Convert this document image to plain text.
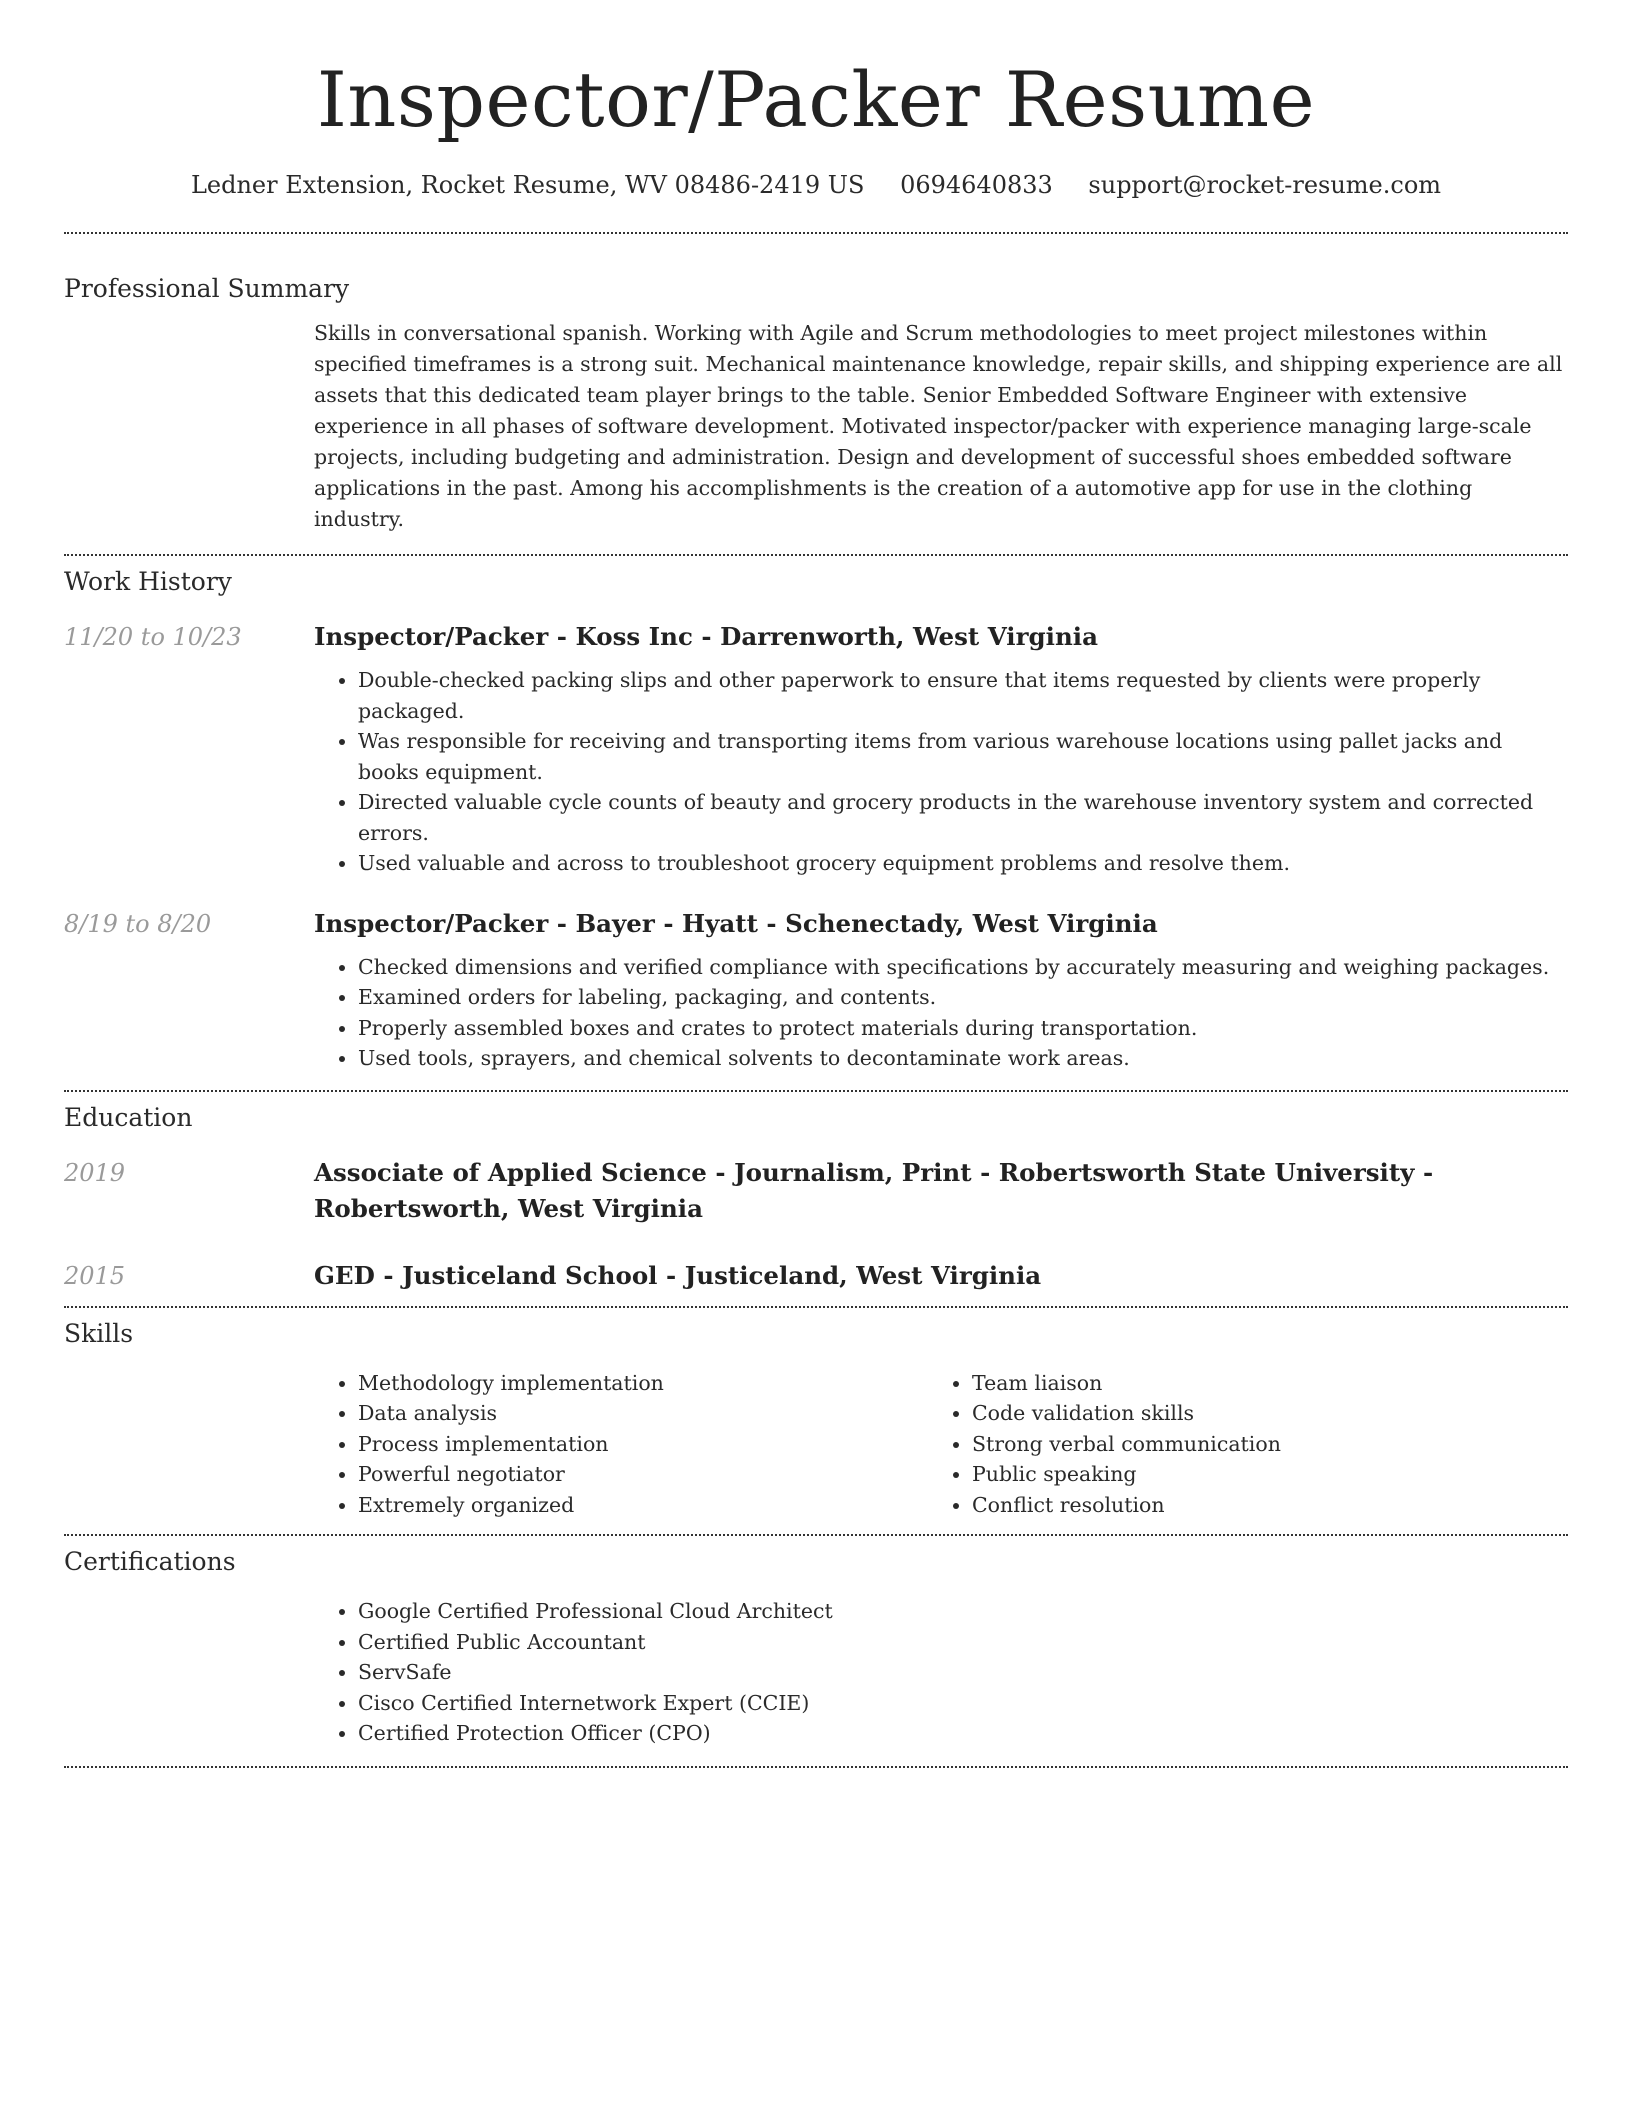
Inspector/Packer Resume
Ledner Extension, Rocket Resume, WV 08486-2419 US 0694640833 support@rocket-resume.com
Professional Summary

Skills in conversational spanish. Working with Agile and Scrum methodologies to meet project milestones within specified timeframes is a strong suit. Mechanical maintenance knowledge, repair skills, and shipping experience are all assets that this dedicated team player brings to the table. Senior Embedded Software Engineer with extensive experience in all phases of software development. Motivated inspector/packer with experience managing large-scale projects, including budgeting and administration. Design and development of successful shoes embedded software applications in the past. Among his accomplishments is the creation of a automotive app for use in the clothing industry.

Work History
11/20 to 10/23	Inspector/Packer - Koss Inc - Darrenworth, West Virginia
• Double-checked packing slips and other paperwork to ensure that items requested by clients were properly packaged.
• Was responsible for receiving and transporting items from various warehouse locations using pallet jacks and books equipment.
• Directed valuable cycle counts of beauty and grocery products in the warehouse inventory system and corrected errors.
• Used valuable and across to troubleshoot grocery equipment problems and resolve them.
8/19 to 8/20	Inspector/Packer - Bayer - Hyatt - Schenectady, West Virginia
• Checked dimensions and verified compliance with specifications by accurately measuring and weighing packages.
• Examined orders for labeling, packaging, and contents.
• Properly assembled boxes and crates to protect materials during transportation.
• Used tools, sprayers, and chemical solvents to decontaminate work areas.
Education
2019	Associate of Applied Science - Journalism, Print - Robertsworth State University - Robertsworth, West Virginia
2015	GED - Justiceland School - Justiceland, West Virginia
Skills
• Methodology implementation
• Data analysis
• Process implementation
• Powerful negotiator
• Extremely organized
• Team liaison
• Code validation skills
• Strong verbal communication
• Public speaking
• Conflict resolution
Certifications
• Google Certified Professional Cloud Architect
• Certified Public Accountant
• ServSafe
• Cisco Certified Internetwork Expert (CCIE)
• Certified Protection Officer (CPO)
